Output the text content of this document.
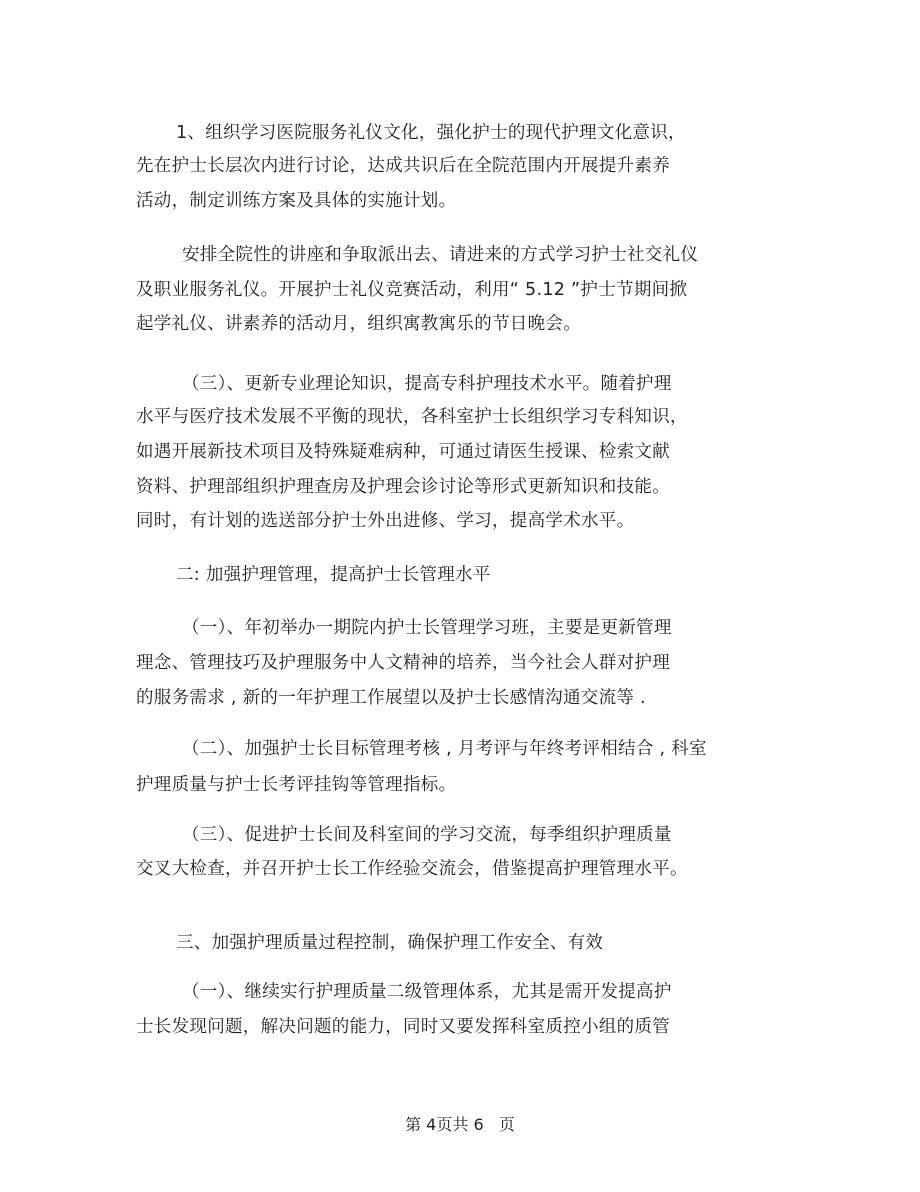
1、组织学习医院服务礼仪文化，强化护士的现代护理文化意识，
先在护士长层次内进行讨论，达成共识后在全院范围内开展提升素养
活动，制定训练方案及具体的实施计划。
安排全院性的讲座和争取派出去、请进来的方式学习护士社交礼仪
及职业服务礼仪。开展护士礼仪竞赛活动，利用“ 5.12 ”护士节期间掀
起学礼仪、讲素养的活动月，组织寓教寓乐的节日晚会。
（三）、更新专业理论知识，提高专科护理技术水平。随着护理
水平与医疗技术发展不平衡的现状，各科室护士长组织学习专科知识，
如遇开展新技术项目及特殊疑难病种，可通过请医生授课、检索文献
资料、护理部组织护理查房及护理会诊讨论等形式更新知识和技能。
同时，有计划的选送部分护士外出进修、学习，提高学术水平。
二: 加强护理管理，提高护士长管理水平
（一）、年初举办一期院内护士长管理学习班，主要是更新管理
理念、管理技巧及护理服务中人文精神的培养，当今社会人群对护理
的服务需求 , 新的一年护理工作展望以及护士长感情沟通交流等 .
（二）、加强护士长目标管理考核 , 月考评与年终考评相结合 , 科室
护理质量与护士长考评挂钩等管理指标。
（三）、促进护士长间及科室间的学习交流，每季组织护理质量
交叉大检查，并召开护士长工作经验交流会，借鉴提高护理管理水平。
三、加强护理质量过程控制，确保护理工作安全、有效
（一）、继续实行护理质量二级管理体系，尤其是需开发提高护
士长发现问题，解决问题的能力，同时又要发挥科室质控小组的质管
第 4页共 6   页
